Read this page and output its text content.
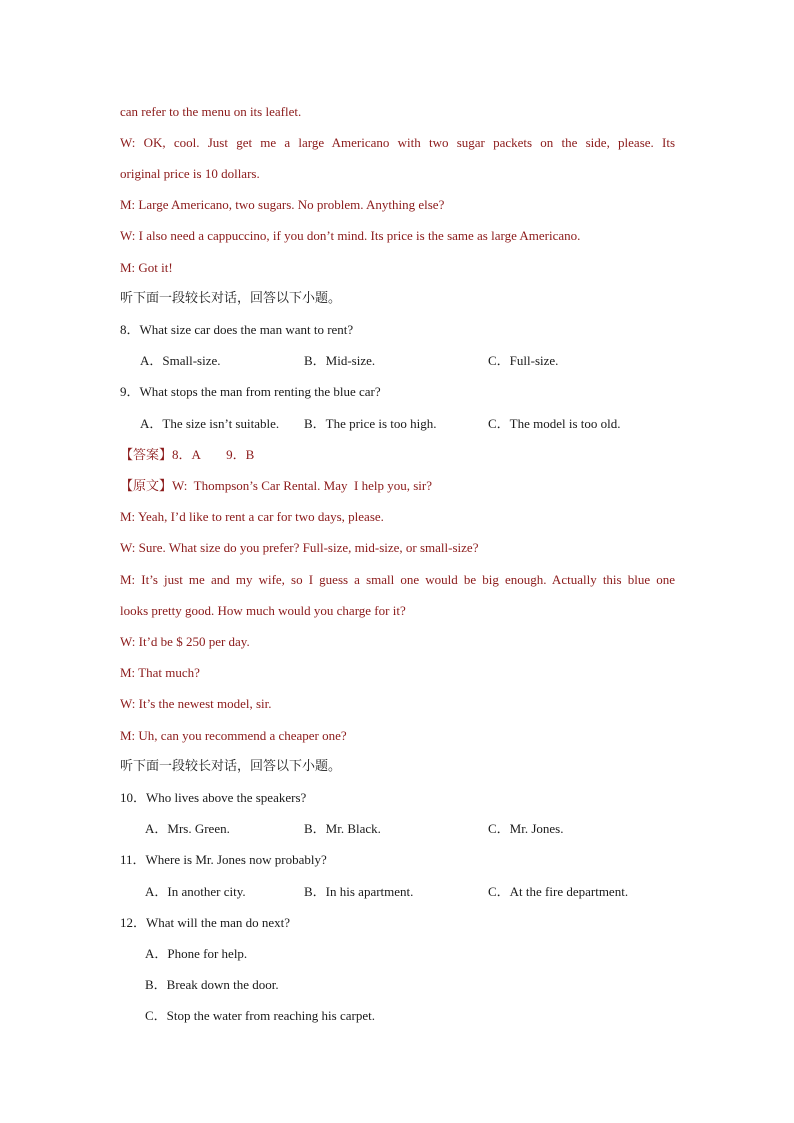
can refer to the menu on its leaflet.
W: OK, cool. Just get me a large Americano with two sugar packets on the side, please. Its
original price is 10 dollars.
M: Large Americano, two sugars. No problem. Anything else?
W: I also need a cappuccino, if you don’t mind. Its price is the same as large Americano.
M: Got it!
听下面一段较长对话，回答以下小题。
8．What size car does the man want to rent?
A．Small-size.	B．Mid-size.	C．Full-size.
9．What stops the man from renting the blue car?
A．The size isn’t suitable. B．The price is too high.	C．The model is too old.
【答案】8．A        9．B
【原文】W:  Thompson’s Car Rental. May  I help you, sir?
M: Yeah, I’d like to rent a car for two days, please.
W: Sure. What size do you prefer? Full-size, mid-size, or small-size?
M: It’s just me and my wife, so I guess a small one would be big enough. Actually this blue one
looks pretty good. How much would you charge for it?
W: It’d be $ 250 per day.
M: That much?
W: It’s the newest model, sir.
M: Uh, can you recommend a cheaper one?
听下面一段较长对话，回答以下小题。
10．Who lives above the speakers?
A．Mrs. Green.	B．Mr. Black.	C．Mr. Jones.
11．Where is Mr. Jones now probably?
A．In another city.	B．In his apartment.	C．At the fire department.
12．What will the man do next?
A．Phone for help.
B．Break down the door.
C．Stop the water from reaching his carpet.
